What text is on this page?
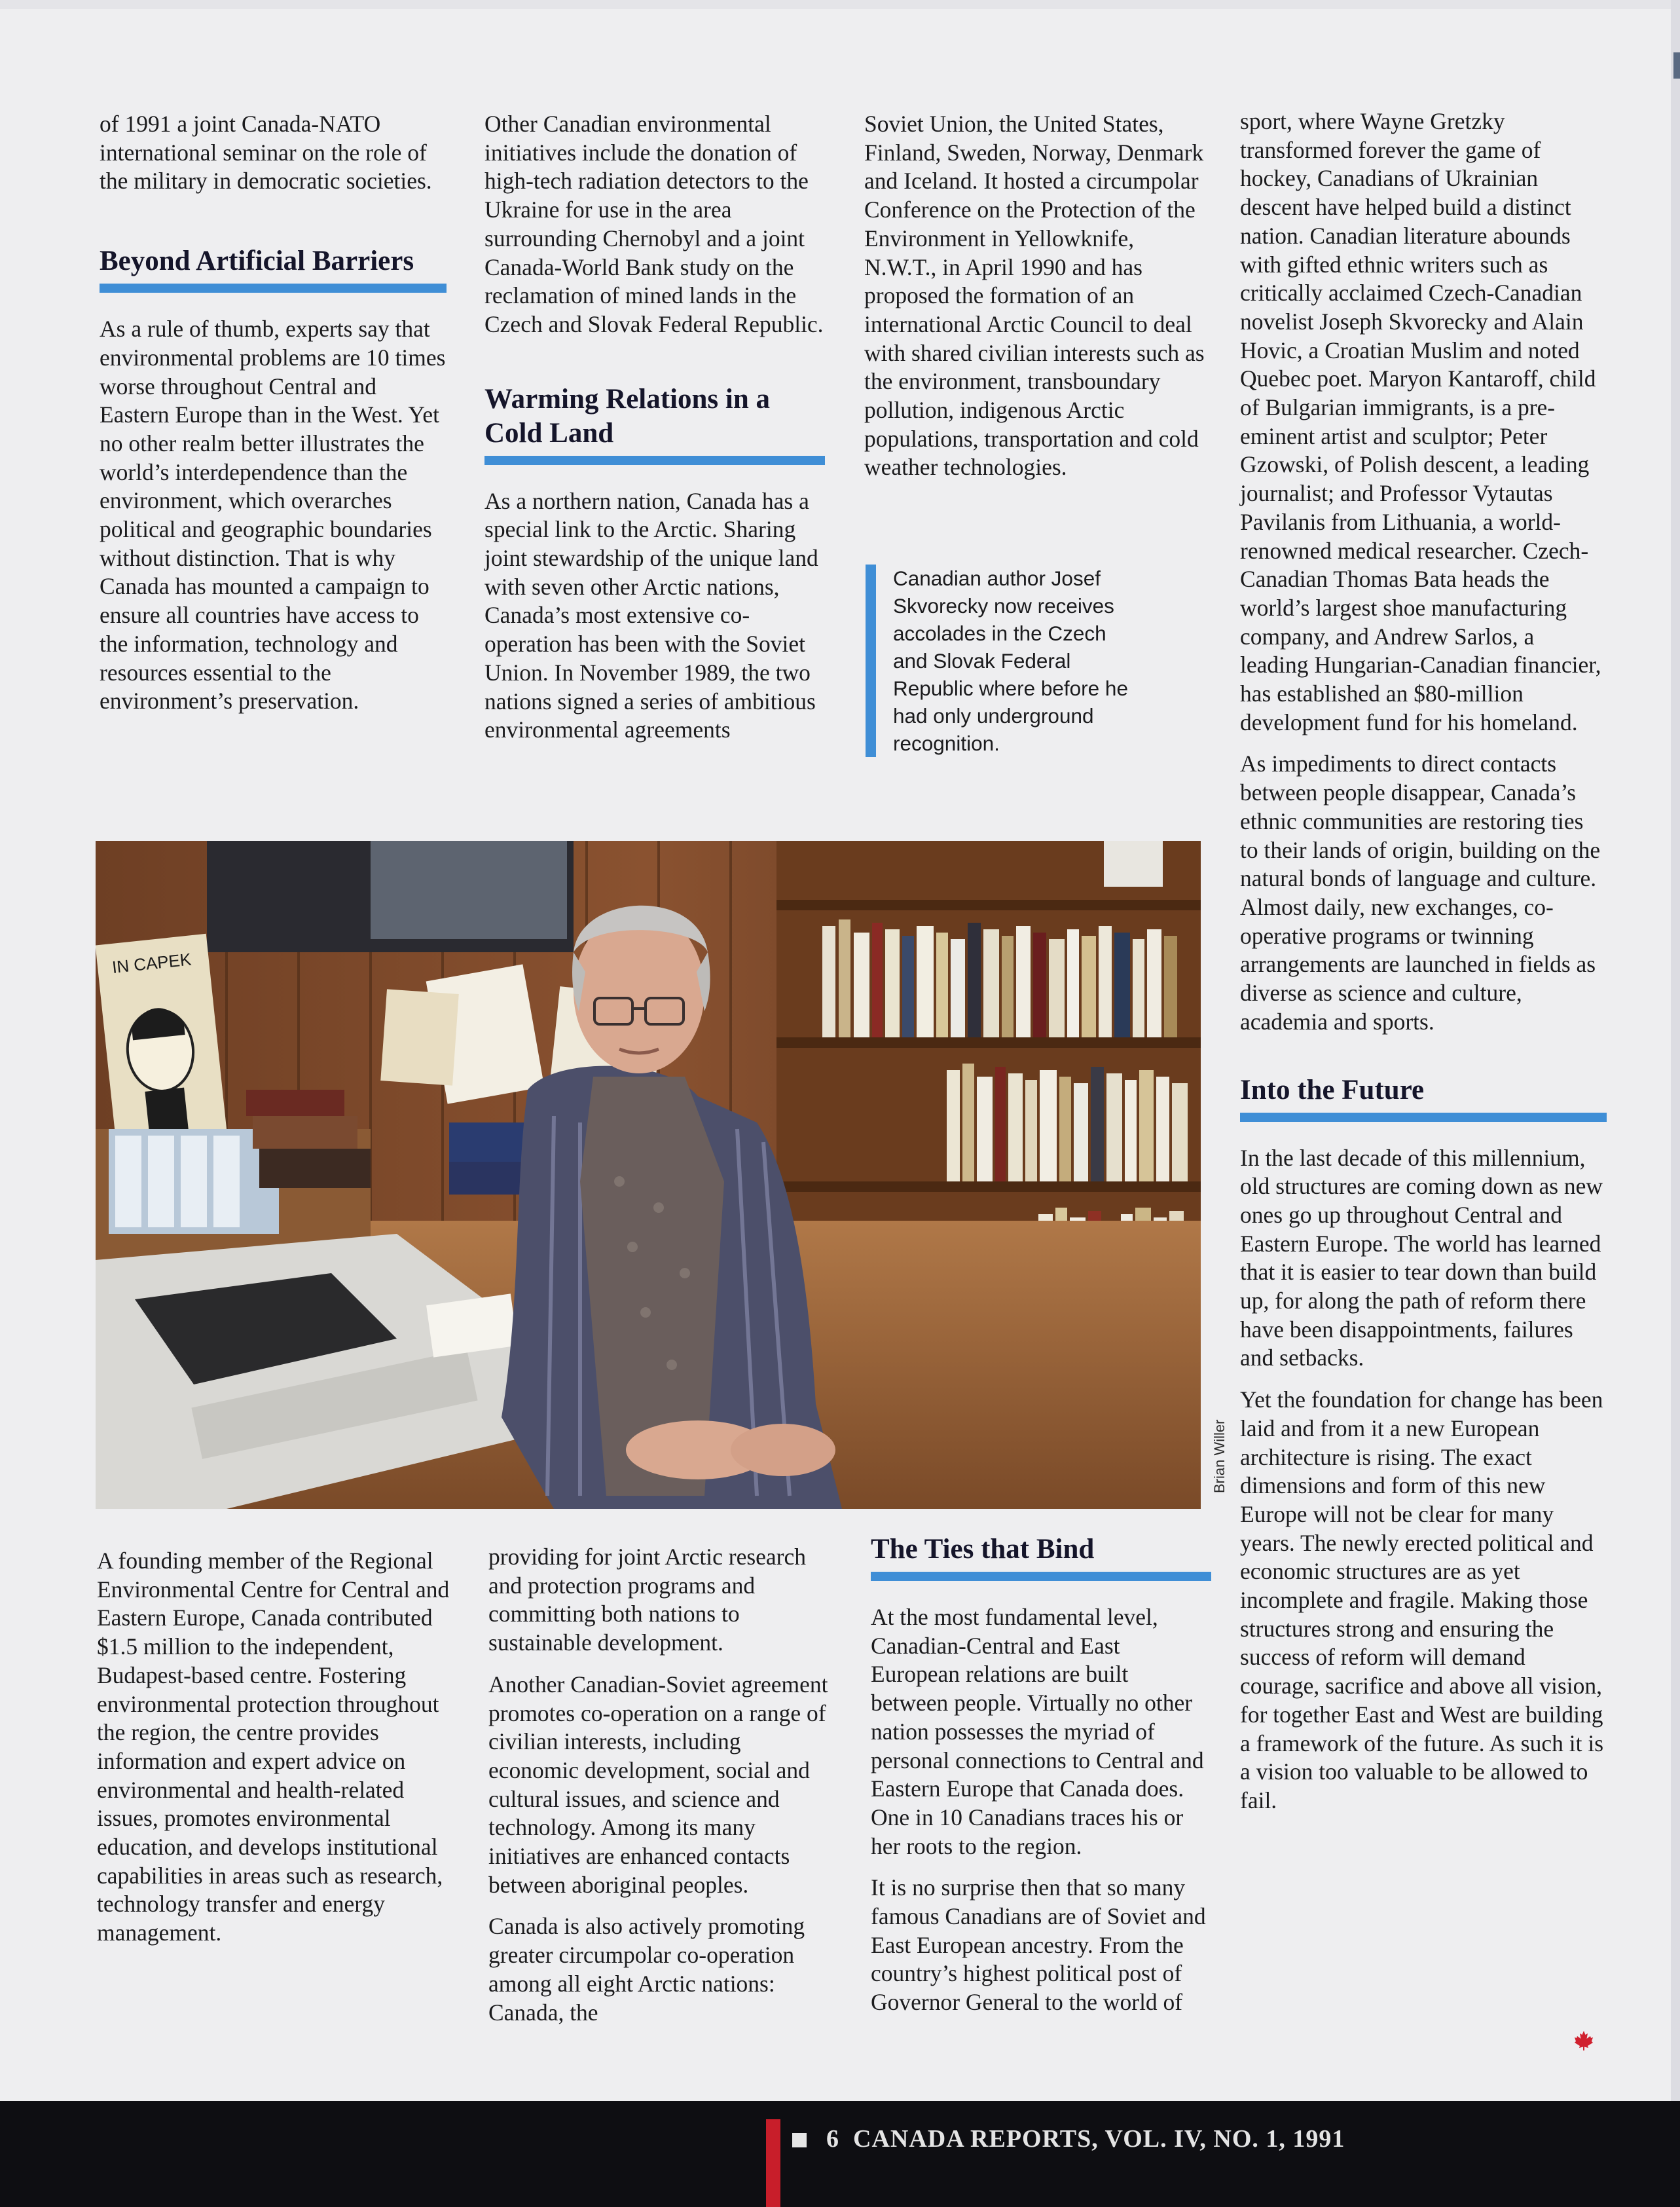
of 1991 a joint Canada-NATO international seminar on the role of the military in democratic societies.

Beyond Artificial Barriers

As a rule of thumb, experts say that environmental problems are 10 times worse throughout Central and Eastern Europe than in the West. Yet no other realm better illustrates the world’s interdependence than the environment, which overarches political and geographic boundaries without distinction. That is why Canada has mounted a campaign to ensure all countries have access to the information, technology and resources essential to the environment’s preservation.

Other Canadian environmental initiatives include the donation of high-tech radiation detectors to the Ukraine for use in the area surrounding Chernobyl and a joint Canada-World Bank study on the reclamation of mined lands in the Czech and Slovak Federal Republic.

Warming Relations in a Cold Land

As a northern nation, Canada has a special link to the Arctic. Sharing joint stewardship of the unique land with seven other Arctic nations, Canada’s most extensive co-operation has been with the Soviet Union. In November 1989, the two nations signed a series of ambitious environmental agreements

Soviet Union, the United States, Finland, Sweden, Norway, Denmark and Iceland. It hosted a circumpolar Conference on the Protection of the Environment in Yellowknife, N.W.T., in April 1990 and has proposed the formation of an international Arctic Council to deal with shared civilian interests such as the environment, transboundary pollution, indigenous Arctic populations, transportation and cold weather technologies.

Canadian author Josef Skvorecky now receives accolades in the Czech and Slovak Federal Republic where before he had only underground recognition.

sport, where Wayne Gretzky transformed forever the game of hockey, Canadians of Ukrainian descent have helped build a distinct nation. Canadian literature abounds with gifted ethnic writers such as critically acclaimed Czech-Canadian novelist Joseph Skvorecky and Alain Hovic, a Croatian Muslim and noted Quebec poet. Maryon Kantaroff, child of Bulgarian immigrants, is a pre-eminent artist and sculptor; Peter Gzowski, of Polish descent, a leading journalist; and Professor Vytautas Pavilanis from Lithuania, a world-renowned medical researcher. Czech-Canadian Thomas Bata heads the world’s largest shoe manufacturing company, and Andrew Sarlos, a leading Hungarian-Canadian financier, has established an $80-million development fund for his homeland.

As impediments to direct contacts between people disappear, Canada’s ethnic communities are restoring ties to their lands of origin, building on the natural bonds of language and culture. Almost daily, new exchanges, co-operative programs or twinning arrangements are launched in fields as diverse as science and culture, academia and sports.

Into the Future

In the last decade of this millennium, old structures are coming down as new ones go up throughout Central and Eastern Europe. The world has learned that it is easier to tear down than build up, for along the path of reform there have been disappointments, failures and setbacks.

Yet the foundation for change has been laid and from it a new European architecture is rising. The exact dimensions and form of this new Europe will not be clear for many years. The newly erected political and economic structures are as yet incomplete and fragile. Making those structures strong and ensuring the success of reform will demand courage, sacrifice and above all vision, for together East and West are building a framework of the future. As such it is a vision too valuable to be allowed to fail.

IN CAPEK
Brian Willer

A founding member of the Regional Environmental Centre for Central and Eastern Europe, Canada contributed $1.5 million to the independent, Budapest-based centre. Fostering environmental protection throughout the region, the centre provides information and expert advice on environmental and health-related issues, promotes environmental education, and develops institutional capabilities in areas such as research, technology transfer and energy management.

providing for joint Arctic research and protection programs and committing both nations to sustainable development.

Another Canadian-Soviet agreement promotes co-operation on a range of civilian interests, including economic development, social and cultural issues, and science and technology. Among its many initiatives are enhanced contacts between aboriginal peoples.

Canada is also actively promoting greater circumpolar co-operation among all eight Arctic nations: Canada, the

The Ties that Bind

At the most fundamental level, Canadian-Central and East European relations are built between people. Virtually no other nation possesses the myriad of personal connections to Central and Eastern Europe that Canada does. One in 10 Canadians traces his or her roots to the region.

It is no surprise then that so many famous Canadians are of Soviet and East European ancestry. From the country’s highest political post of Governor General to the world of

6 CANADA REPORTS, VOL. IV, NO. 1, 1991
